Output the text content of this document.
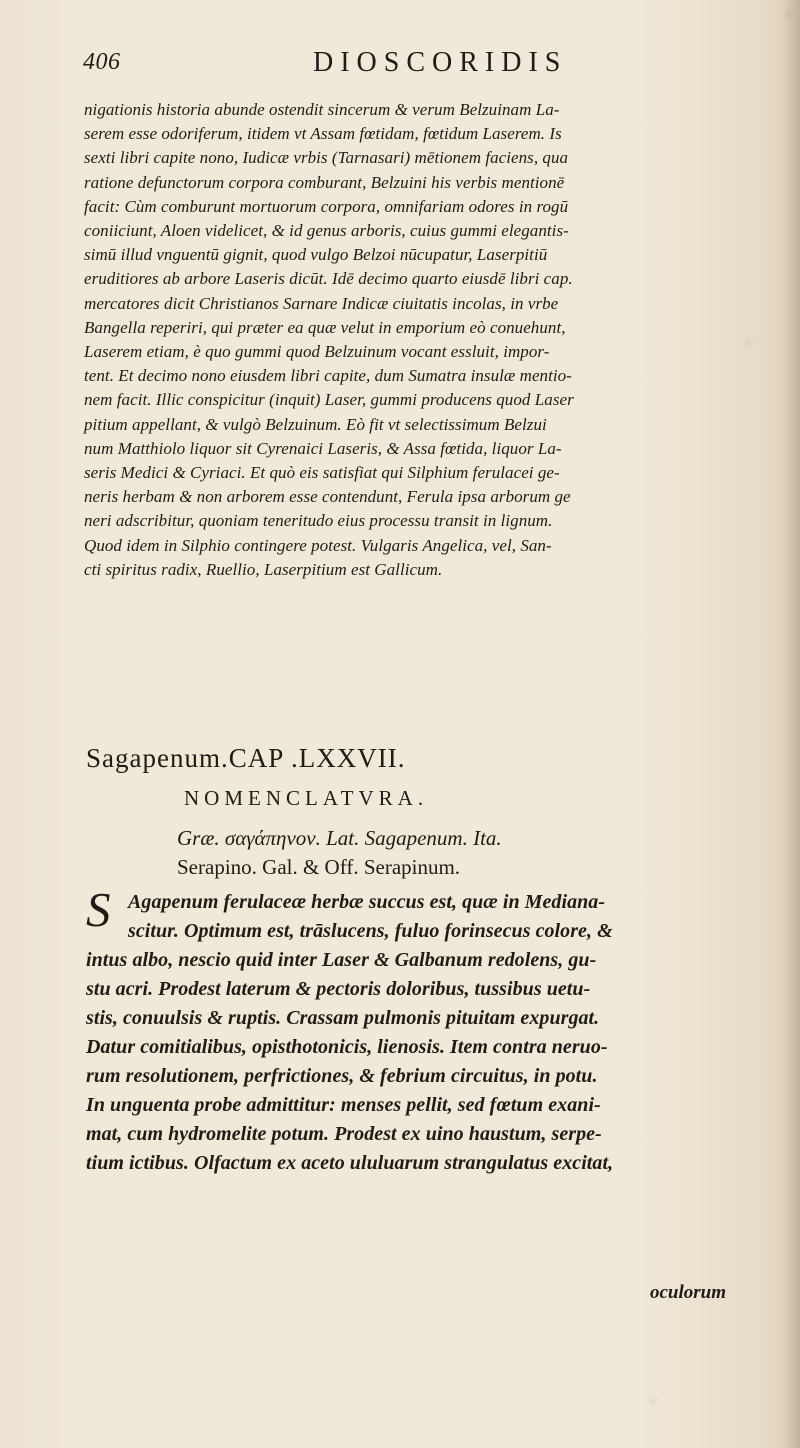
406	DIOSCORIDIS

nigationis historia abunde ostendit sincerum & verum Belzuinam La-

serem esse odoriferum, itidem vt Assam fœtidam, fœtidum Laserem. Is

sexti libri capite nono, Iudicæ vrbis (Tarnasari) mētionem faciens, qua

ratione defunctorum corpora comburant, Belzuini his verbis mentionē

facit: Cùm comburunt mortuorum corpora, omnifariam odores in rogū

coniiciunt, Aloen videlicet, & id genus arboris, cuius gummi elegantis-

simū illud vnguentū gignit, quod vulgo Belzoi nūcupatur, Laserpitiū

eruditiores ab arbore Laseris dicūt. Idē decimo quarto eiusdē libri cap.

mercatores dicit Christianos Sarnare Indicæ ciuitatis incolas, in vrbe

Bangella reperiri, qui præter ea quæ velut in emporium eò conuehunt,

Laserem etiam, è quo gummi quod Belzuinum vocant essluit, impor-

tent. Et decimo nono eiusdem libri capite, dum Sumatra insulæ mentio-

nem facit. Illic conspicitur (inquit) Laser, gummi producens quod Laser

pitium appellant, & vulgò Belzuinum. Eò fit vt selectissimum Belzui

num Matthiolo liquor sit Cyrenaici Laseris, & Assa fœtida, liquor La-

seris Medici & Cyriaci. Et quò eis satisfiat qui Silphium ferulacei ge-

neris herbam & non arborem esse contendunt, Ferula ipsa arborum ge

neri adscribitur, quoniam teneritudo eius processu transit in lignum.

Quod idem in Silphio contingere potest. Vulgaris Angelica, vel, San-

cti spiritus radix, Ruellio, Laserpitium est Gallicum.

Sagapenum.CAP .LXXVII.

NOMENCLATVRA.

Græ. σαγάπηνον. Lat. Sagapenum. Ita.

Serapino. Gal. & Off. Serapinum.

S Agapenum ferulaceæ herbæ succus est, quæ in Mediana-

scitur. Optimum est, trāslucens, fuluo forinsecus colore, &

intus albo, nescio quid inter Laser & Galbanum redolens, gu-

stu acri. Prodest laterum & pectoris doloribus, tussibus uetu-

stis, conuulsis & ruptis. Crassam pulmonis pituitam expurgat.

Datur comitialibus, opisthotonicis, lienosis. Item contra neruo-

rum resolutionem, perfrictiones, & febrium circuitus, in potu.

In unguenta probe admittitur: menses pellit, sed fœtum exani-

mat, cum hydromelite potum. Prodest ex uino haustum, serpe-

tium ictibus. Olfactum ex aceto ululuarum strangulatus excitat,

oculorum
